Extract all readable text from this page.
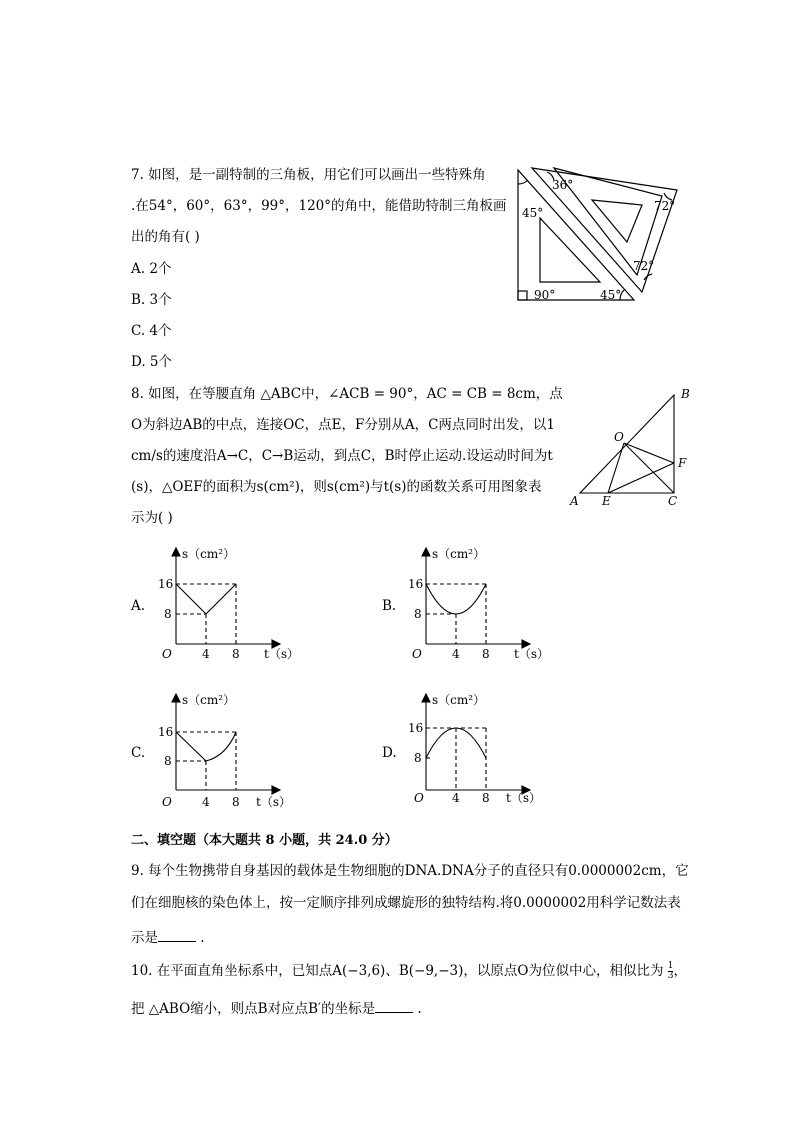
7. 如图，是一副特制的三角板，用它们可以画出一些特殊角
.在54°，60°，63°，99°，120°的角中，能借助特制三角板画
出的角有( )
A. 2个
B. 3个
C. 4个
D. 5个
36°
72°
45°
72°
90°	45°
8. 如图，在等腰直角 △ABC中，∠ACB = 90°，AC = CB = 8cm，点
O为斜边AB的中点，连接OC，点E，F分别从A，C两点同时出发，以1
cm/s的速度沿A→C，C→B运动，到点C，B时停止运动.设运动时间为t
(s)，△OEF的面积为s(cm²)，则s(cm²)与t(s)的函数关系可用图象表
示为( )
B
O
F
A E	C
A.
s（cm²）
t（s）
O
16
8
4 8
B.
s（cm²）
t（s）
O
16
8
4 8
C.
s（cm²）
t（s）
O
16
8
4 8
D.
s（cm²）
t（s）
O
16
8
4 8
二、填空题（本大题共 8 小题，共 24.0 分）
9. 每个生物携带自身基因的载体是生物细胞的DNA.DNA分子的直径只有0.0000002cm，它
们在细胞核的染色体上，按一定顺序排列成螺旋形的独特结构.将0.0000002用科学记数法表
示是	.
10. 在平面直角坐标系中，已知点A(−3,6)、B(−9,−3)，以原点O为位似中心，相似比为 $\frac{1}{3}$ ，
把 △ABO缩小，则点B对应点B′的坐标是	.
